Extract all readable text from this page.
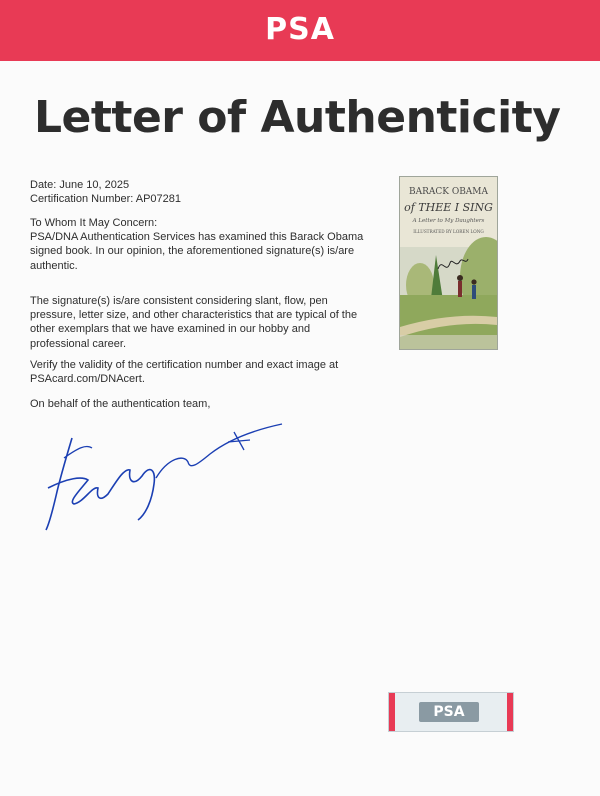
PSA
Letter of Authenticity
Date: June 10, 2025
Certification Number: AP07281
To Whom It May Concern:
PSA/DNA Authentication Services has examined this Barack Obama signed book. In our opinion, the aforementioned signature(s) is/are authentic.
The signature(s) is/are consistent considering slant, flow, pen pressure, letter size, and other characteristics that are typical of the other exemplars that we have examined in our hobby and professional career.
Verify the validity of the certification number and exact image at PSAcard.com/DNAcert.
On behalf of the authentication team,
BARACK OBAMA
of THEE I SING
A Letter to My Daughters
ILLUSTRATED BY LOREN LONG
PSA
